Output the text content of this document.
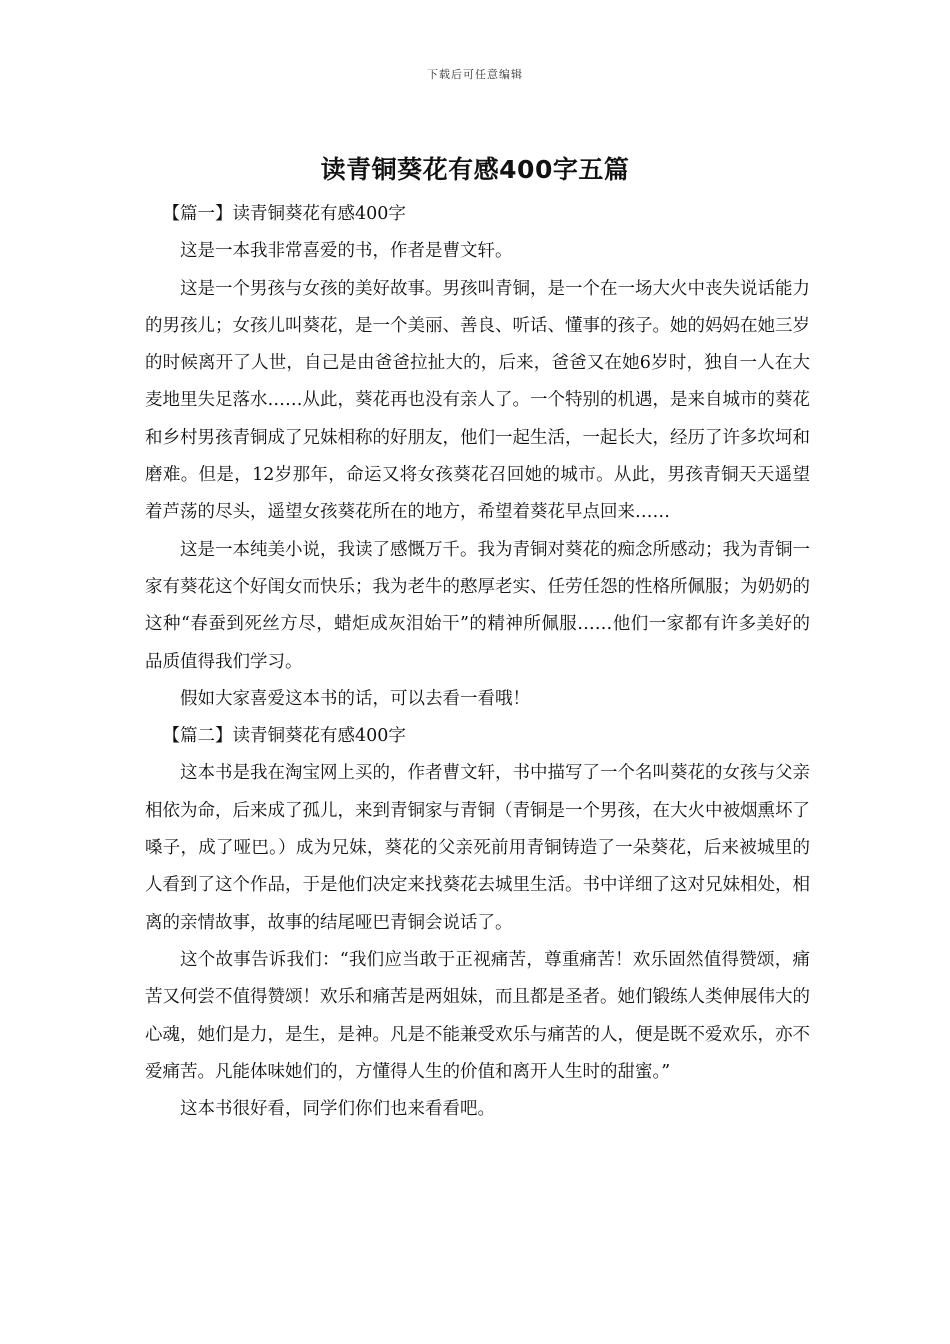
下载后可任意编辑
读青铜葵花有感400字五篇

【篇一】读青铜葵花有感400字

这是一本我非常喜爱的书，作者是曹文轩。

这是一个男孩与女孩的美好故事。男孩叫青铜，是一个在一场大火中丧失说话能力的男孩儿；女孩儿叫葵花，是一个美丽、善良、听话、懂事的孩子。她的妈妈在她三岁的时候离开了人世，自己是由爸爸拉扯大的，后来，爸爸又在她6岁时，独自一人在大麦地里失足落水……从此，葵花再也没有亲人了。一个特别的机遇，是来自城市的葵花和乡村男孩青铜成了兄妹相称的好朋友，他们一起生活，一起长大，经历了许多坎坷和磨难。但是，12岁那年，命运又将女孩葵花召回她的城市。从此，男孩青铜天天遥望着芦荡的尽头，遥望女孩葵花所在的地方，希望着葵花早点回来……

这是一本纯美小说，我读了感慨万千。我为青铜对葵花的痴念所感动；我为青铜一家有葵花这个好闺女而快乐；我为老牛的憨厚老实、任劳任怨的性格所佩服；为奶奶的这种“春蚕到死丝方尽，蜡炬成灰泪始干”的精神所佩服……他们一家都有许多美好的品质值得我们学习。

假如大家喜爱这本书的话，可以去看一看哦！

【篇二】读青铜葵花有感400字

这本书是我在淘宝网上买的，作者曹文轩，书中描写了一个名叫葵花的女孩与父亲相依为命，后来成了孤儿，来到青铜家与青铜（青铜是一个男孩，在大火中被烟熏坏了嗓子，成了哑巴。）成为兄妹，葵花的父亲死前用青铜铸造了一朵葵花，后来被城里的人看到了这个作品，于是他们决定来找葵花去城里生活。书中详细了这对兄妹相处，相离的亲情故事，故事的结尾哑巴青铜会说话了。

这个故事告诉我们：“我们应当敢于正视痛苦，尊重痛苦！欢乐固然值得赞颂，痛苦又何尝不值得赞颂！欢乐和痛苦是两姐妹，而且都是圣者。她们锻练人类伸展伟大的心魂，她们是力，是生，是神。凡是不能兼受欢乐与痛苦的人，便是既不爱欢乐，亦不爱痛苦。凡能体味她们的，方懂得人生的价值和离开人生时的甜蜜。”

这本书很好看，同学们你们也来看看吧。
